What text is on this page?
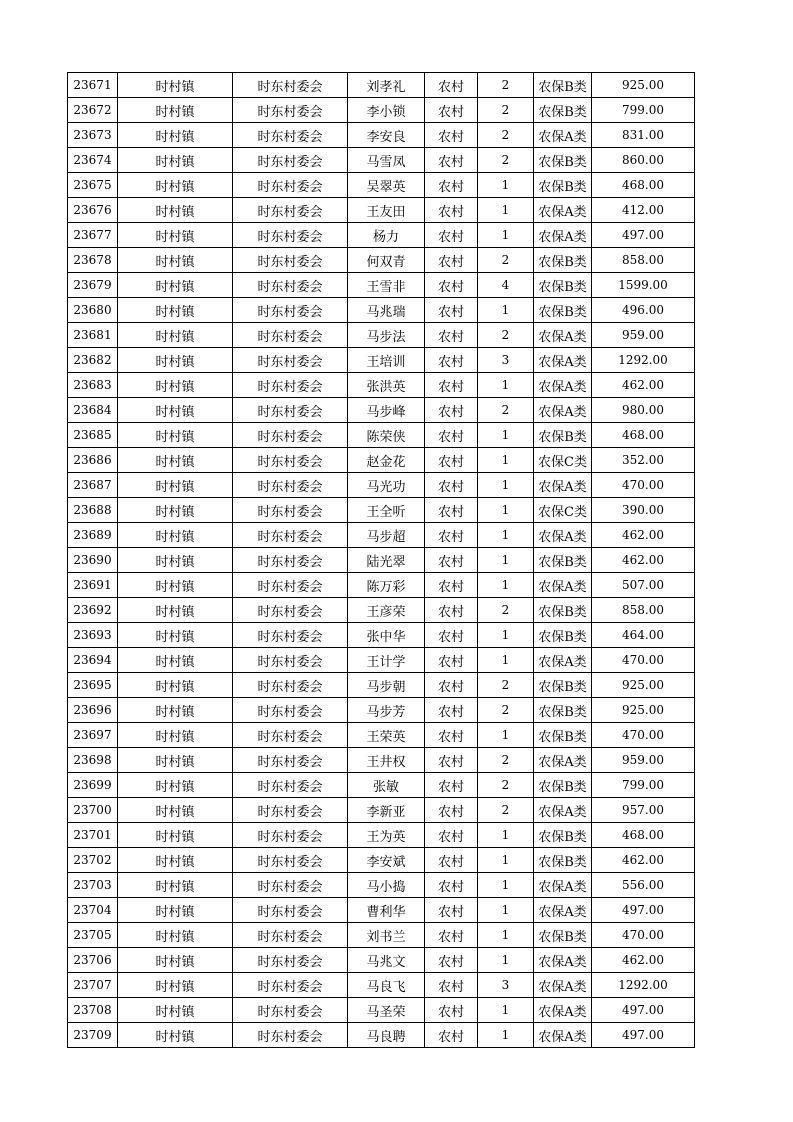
23671	时村镇	时东村委会	刘孝礼	农村	2	农保B类	925.00
23672	时村镇	时东村委会	李小锁	农村	2	农保B类	799.00
23673	时村镇	时东村委会	李安良	农村	2	农保A类	831.00
23674	时村镇	时东村委会	马雪凤	农村	2	农保B类	860.00
23675	时村镇	时东村委会	吴翠英	农村	1	农保B类	468.00
23676	时村镇	时东村委会	王友田	农村	1	农保A类	412.00
23677	时村镇	时东村委会	杨力	农村	1	农保A类	497.00
23678	时村镇	时东村委会	何双青	农村	2	农保B类	858.00
23679	时村镇	时东村委会	王雪非	农村	4	农保B类	1599.00
23680	时村镇	时东村委会	马兆瑞	农村	1	农保B类	496.00
23681	时村镇	时东村委会	马步法	农村	2	农保A类	959.00
23682	时村镇	时东村委会	王培训	农村	3	农保A类	1292.00
23683	时村镇	时东村委会	张洪英	农村	1	农保A类	462.00
23684	时村镇	时东村委会	马步峰	农村	2	农保A类	980.00
23685	时村镇	时东村委会	陈荣侠	农村	1	农保B类	468.00
23686	时村镇	时东村委会	赵金花	农村	1	农保C类	352.00
23687	时村镇	时东村委会	马光功	农村	1	农保A类	470.00
23688	时村镇	时东村委会	王全听	农村	1	农保C类	390.00
23689	时村镇	时东村委会	马步超	农村	1	农保A类	462.00
23690	时村镇	时东村委会	陆光翠	农村	1	农保B类	462.00
23691	时村镇	时东村委会	陈万彩	农村	1	农保A类	507.00
23692	时村镇	时东村委会	王彦荣	农村	2	农保B类	858.00
23693	时村镇	时东村委会	张中华	农村	1	农保B类	464.00
23694	时村镇	时东村委会	王计学	农村	1	农保A类	470.00
23695	时村镇	时东村委会	马步朝	农村	2	农保B类	925.00
23696	时村镇	时东村委会	马步芳	农村	2	农保B类	925.00
23697	时村镇	时东村委会	王荣英	农村	1	农保B类	470.00
23698	时村镇	时东村委会	王井权	农村	2	农保A类	959.00
23699	时村镇	时东村委会	张敏	农村	2	农保B类	799.00
23700	时村镇	时东村委会	李新亚	农村	2	农保A类	957.00
23701	时村镇	时东村委会	王为英	农村	1	农保B类	468.00
23702	时村镇	时东村委会	李安斌	农村	1	农保B类	462.00
23703	时村镇	时东村委会	马小捣	农村	1	农保A类	556.00
23704	时村镇	时东村委会	曹利华	农村	1	农保A类	497.00
23705	时村镇	时东村委会	刘书兰	农村	1	农保B类	470.00
23706	时村镇	时东村委会	马兆文	农村	1	农保A类	462.00
23707	时村镇	时东村委会	马良飞	农村	3	农保A类	1292.00
23708	时村镇	时东村委会	马圣荣	农村	1	农保A类	497.00
23709	时村镇	时东村委会	马良聘	农村	1	农保A类	497.00
